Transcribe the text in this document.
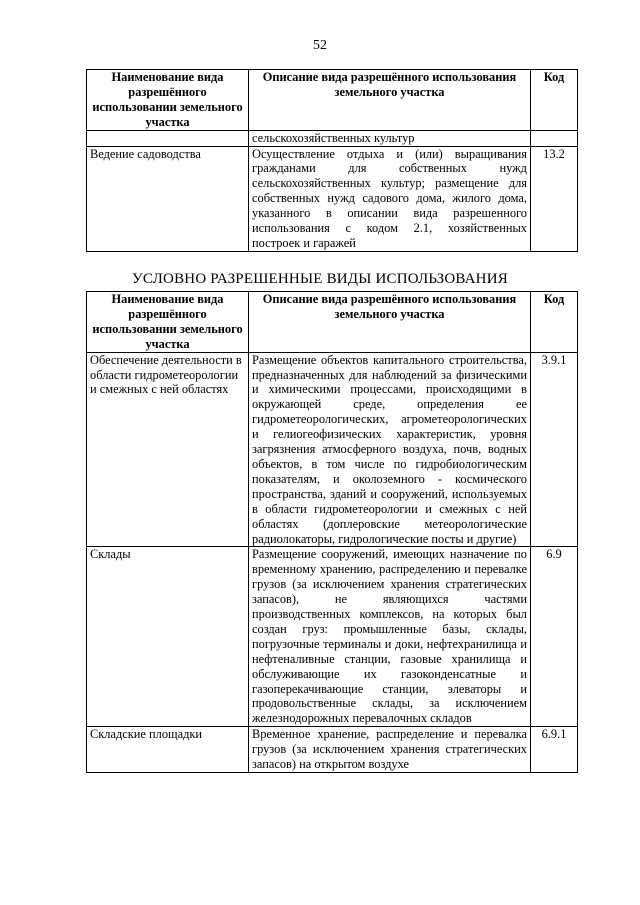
52
Наименование вида разрешённого использовании земельного участка	Описание вида разрешённого использования земельного участка	Код
	сельскохозяйственных культур	
Ведение садоводства	Осуществление отдыха и (или) выращивания гражданами для собственных нужд сельскохозяйственных культур; размещение для собственных нужд садового дома, жилого дома, указанного в описании вида разрешенного использования с кодом 2.1, хозяйственных построек и гаражей	13.2
УСЛОВНО РАЗРЕШЕННЫЕ ВИДЫ ИСПОЛЬЗОВАНИЯ
Наименование вида разрешённого использовании земельного участка	Описание вида разрешённого использования земельного участка	Код
Обеспечение деятельности в области гидрометеорологии и смежных с ней областях	Размещение объектов капитального строительства, предназначенных для наблюдений за физическими и химическими процессами, происходящими в окружающей среде, определения ее гидрометеорологических, агрометеорологических и гелиогеофизических характеристик, уровня загрязнения атмосферного воздуха, почв, водных объектов, в том числе по гидробиологическим показателям, и околоземного - космического пространства, зданий и сооружений, используемых в области гидрометеорологии и смежных с ней областях (доплеровские метеорологические радиолокаторы, гидрологические посты и другие)	3.9.1
Склады	Размещение сооружений, имеющих назначение по временному хранению, распределению и перевалке грузов (за исключением хранения стратегических запасов), не являющихся частями производственных комплексов, на которых был создан груз: промышленные базы, склады, погрузочные терминалы и доки, нефтехранилища и нефтеналивные станции, газовые хранилища и обслуживающие их газоконденсатные и газоперекачивающие станции, элеваторы и продовольственные склады, за исключением железнодорожных перевалочных складов	6.9
Складские площадки	Временное хранение, распределение и перевалка грузов (за исключением хранения стратегических запасов) на открытом воздухе	6.9.1
